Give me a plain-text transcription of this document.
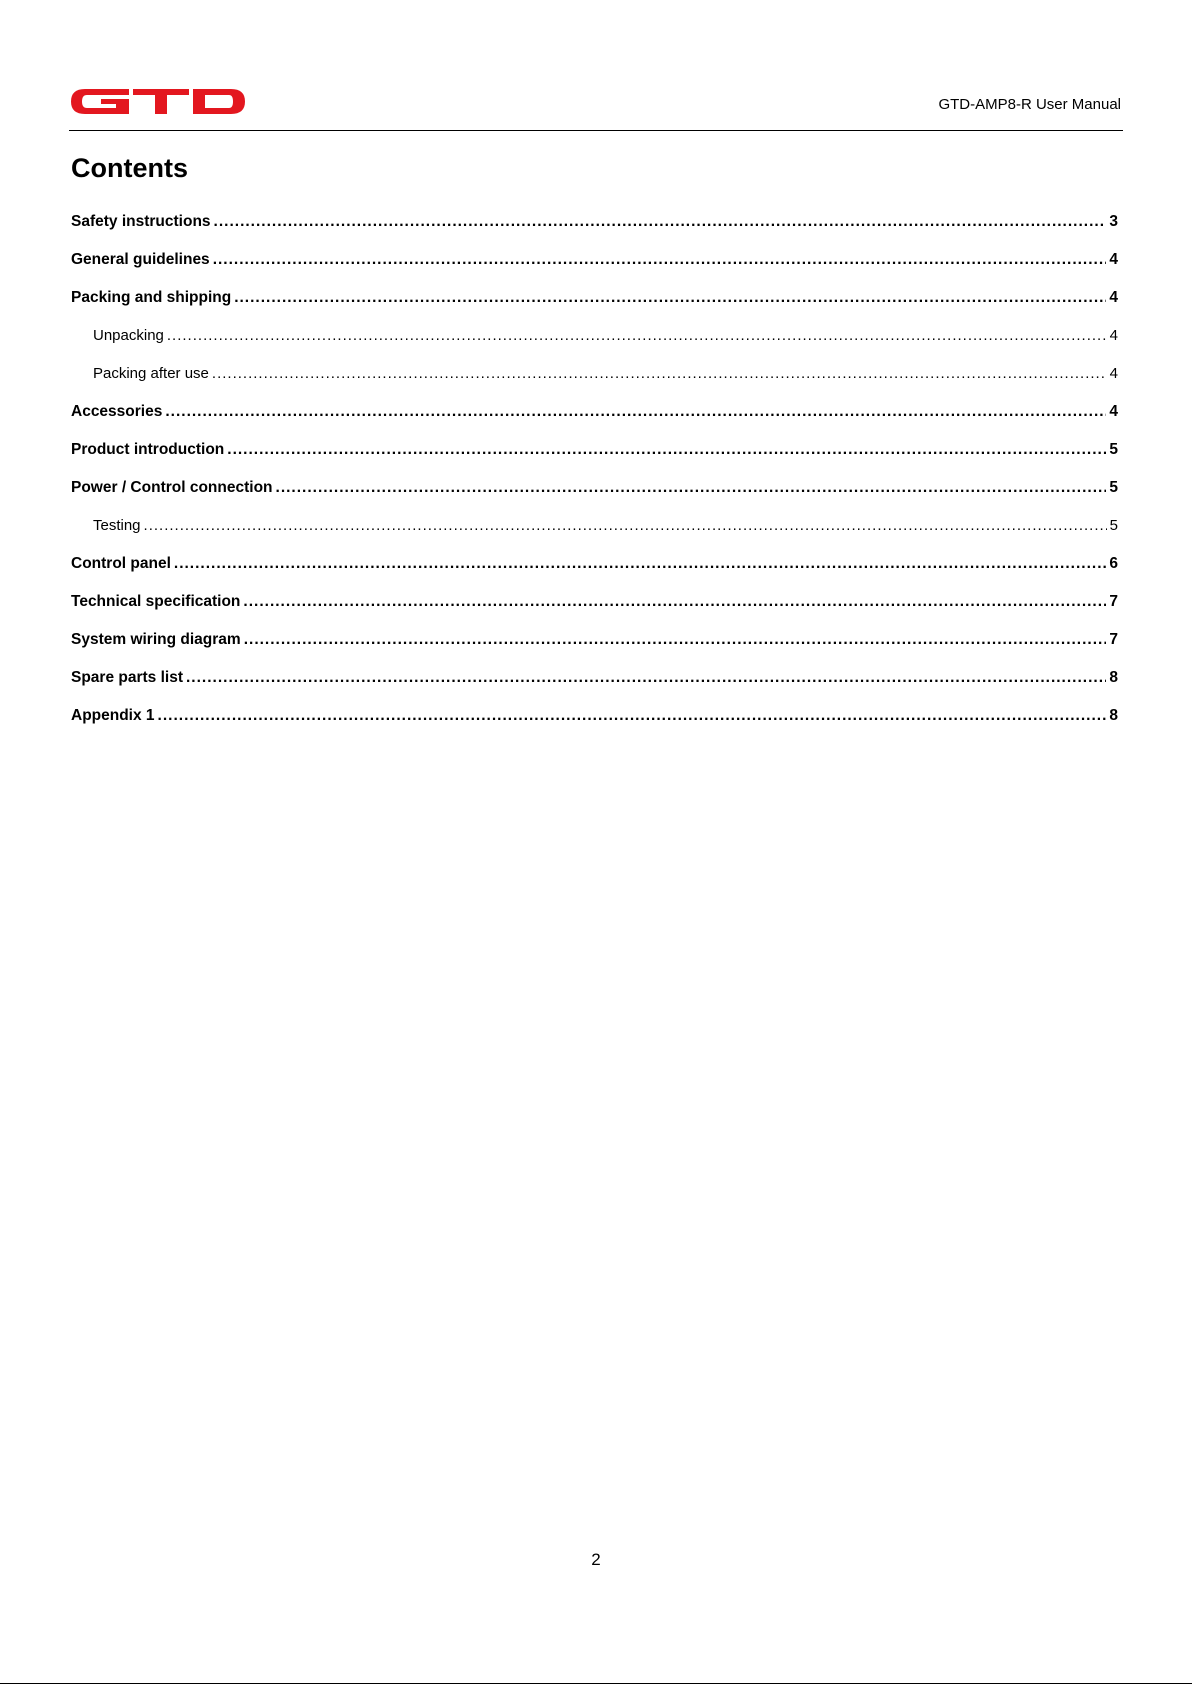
GTD-AMP8-R User Manual
Contents
Safety instructions .....	3
General guidelines .....	4
Packing and shipping .....	4
Unpacking .....	4
Packing after use .....	4
Accessories .....	4
Product introduction .....	5
Power / Control connection .....	5
Testing .....	5
Control panel .....	6
Technical specification .....	7
System wiring diagram .....	7
Spare parts list .....	8
Appendix 1 .....	8
2
